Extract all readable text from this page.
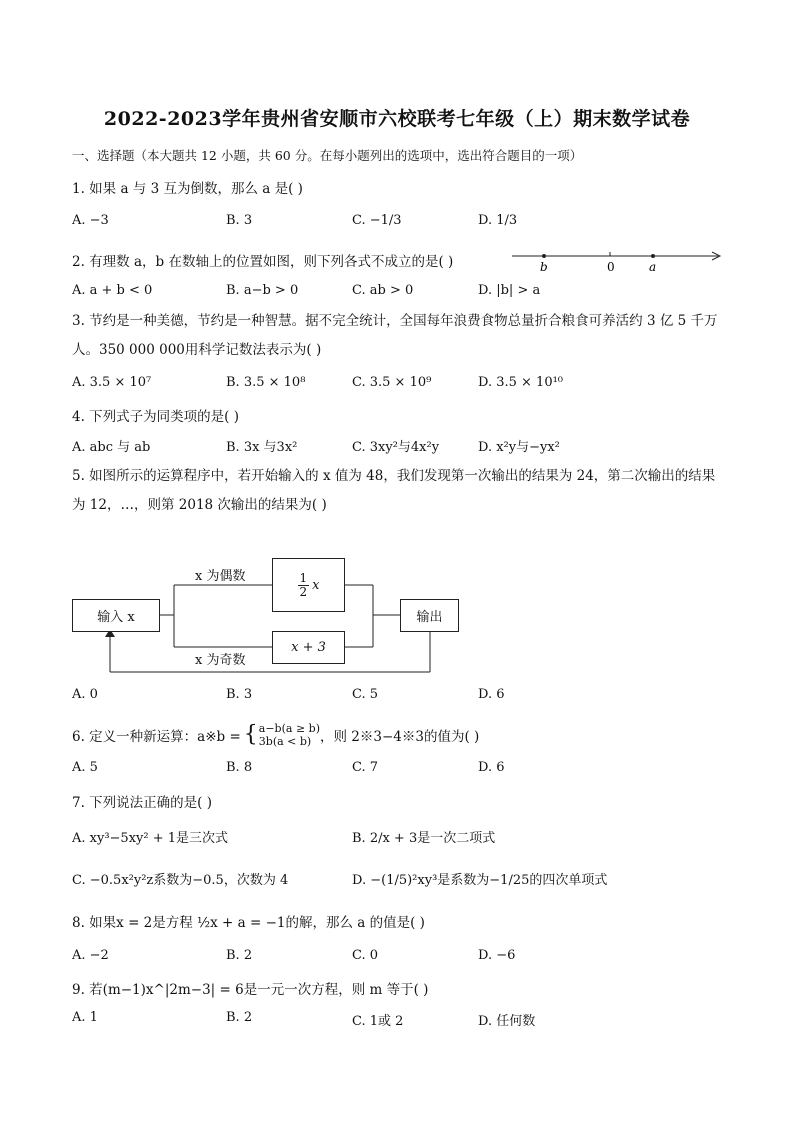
2022-2023学年贵州省安顺市六校联考七年级（上）期末数学试卷
一、选择题（本大题共 12 小题，共 60 分。在每小题列出的选项中，选出符合题目的一项）
1. 如果 a 与 3 互为倒数，那么 a 是( )
A. −3	B. 3	C. −1/3	D. 1/3
2. 有理数 a，b 在数轴上的位置如图，则下列各式不成立的是( )	b	0	a
A. a + b < 0	B. a−b > 0	C. ab > 0	D. |b| > a
3. 节约是一种美德，节约是一种智慧。据不完全统计，全国每年浪费食物总量折合粮食可养活约 3 亿 5 千万人。350 000 000用科学记数法表示为( )
A. 3.5 × 10⁷	B. 3.5 × 10⁸	C. 3.5 × 10⁹	D. 3.5 × 10¹⁰
4. 下列式子为同类项的是( )
A. abc 与 ab	B. 3x 与3x²	C. 3xy²与4x²y	D. x²y与−yx²
5. 如图所示的运算程序中，若开始输入的 x 值为 48，我们发现第一次输出的结果为 24，第二次输出的结果为 12，…，则第 2018 次输出的结果为( )
输入 x
x 为偶数	$\frac{1}{2}$ x
x + 3
x 为奇数
输出
A. 0	B. 3	C. 5	D. 6
6. 定义一种新运算：a※b = { a−b(a ≥ b)
3b(a < b) ，则 2※3−4※3的值为( )
A. 5	B. 8	C. 7	D. 6
7. 下列说法正确的是( )
A. xy³−5xy² + 1是三次式	B. 2/x + 3是一次二项式
C. −0.5x²y²z系数为−0.5，次数为 4	D. −(1/5)²xy³是系数为−1/25的四次单项式
8. 如果x = 2是方程 ½x + a = −1的解，那么 a 的值是( )
A. −2	B. 2	C. 0	D. −6
9. 若(m−1)x^|2m−3| = 6是一元一次方程，则 m 等于( )
A. 1	B. 2	C. 1或 2	D. 任何数
